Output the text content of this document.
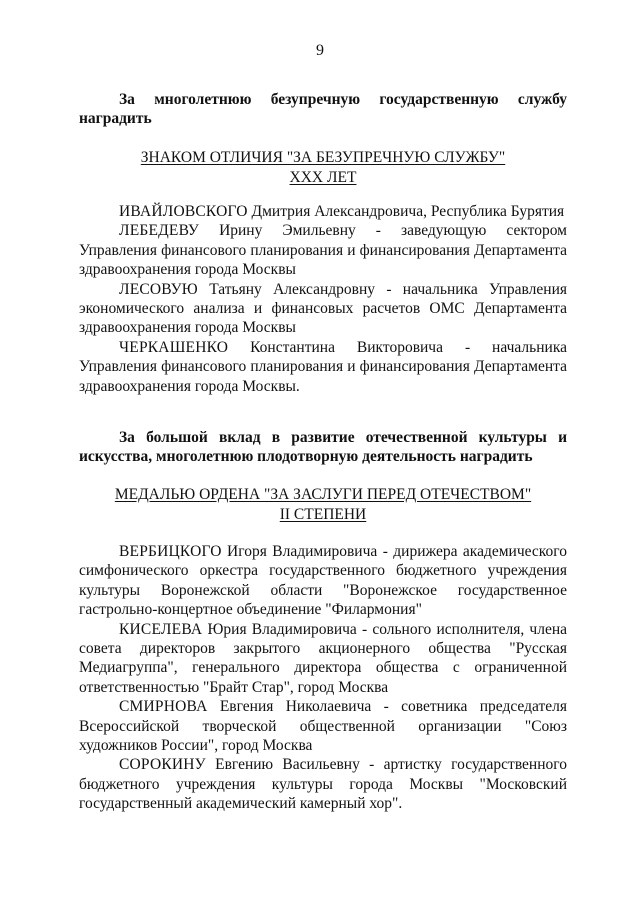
9
За многолетнюю безупречную государственную службу наградить
ЗНАКОМ ОТЛИЧИЯ "ЗА БЕЗУПРЕЧНУЮ СЛУЖБУ"
XXX ЛЕТ

ИВАЙЛОВСКОГО Дмитрия Александровича, Республика Бурятия

ЛЕБЕДЕВУ Ирину Эмильевну - заведующую сектором Управления финансового планирования и финансирования Департамента здравоохранения города Москвы

ЛЕСОВУЮ Татьяну Александровну - начальника Управления экономического анализа и финансовых расчетов ОМС Департамента здравоохранения города Москвы

ЧЕРКАШЕНКО Константина Викторовича - начальника Управления финансового планирования и финансирования Департамента здравоохранения города Москвы.

За большой вклад в развитие отечественной культуры и искусства, многолетнюю плодотворную деятельность наградить
МЕДАЛЬЮ ОРДЕНА "ЗА ЗАСЛУГИ ПЕРЕД ОТЕЧЕСТВОМ"
II СТЕПЕНИ

ВЕРБИЦКОГО Игоря Владимировича - дирижера академического симфонического оркестра государственного бюджетного учреждения культуры Воронежской области "Воронежское государственное гастрольно-концертное объединение "Филармония"

КИСЕЛЕВА Юрия Владимировича - сольного исполнителя, члена совета директоров закрытого акционерного общества "Русская Медиагруппа", генерального директора общества с ограниченной ответственностью "Брайт Стар", город Москва

СМИРНОВА Евгения Николаевича - советника председателя Всероссийской творческой общественной организации "Союз художников России", город Москва

СОРОКИНУ Евгению Васильевну - артистку государственного бюджетного учреждения культуры города Москвы "Московский государственный академический камерный хор".
